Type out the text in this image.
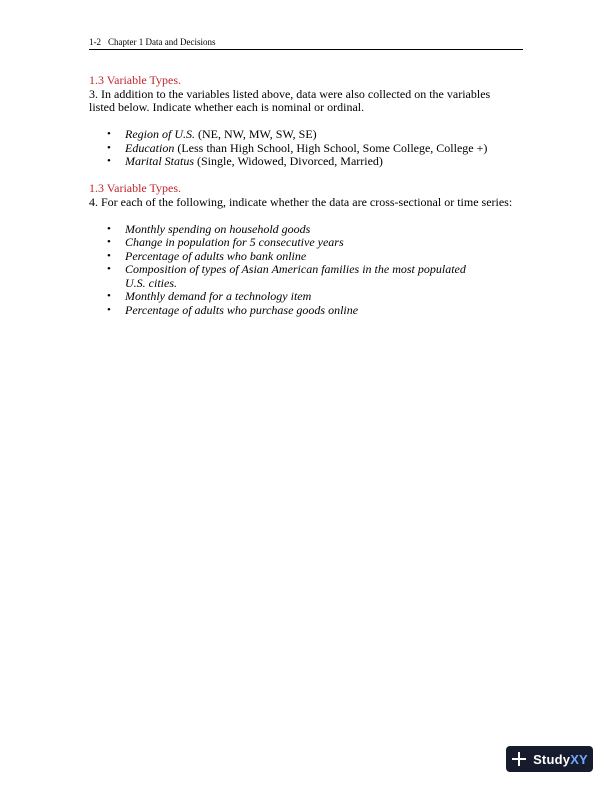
1-2 Chapter 1 Data and Decisions

1.3 Variable Types.

3. In addition to the variables listed above, data were also collected on the variables

listed below. Indicate whether each is nominal or ordinal.

• Region of U.S. (NE, NW, MW, SW, SE)
• Education (Less than High School, High School, Some College, College +)
• Marital Status (Single, Widowed, Divorced, Married)

1.3 Variable Types.

4. For each of the following, indicate whether the data are cross-sectional or time series:

• Monthly spending on household goods
• Change in population for 5 consecutive years
• Percentage of adults who bank online
• Composition of types of Asian American families in the most populated U.S. cities.
• Monthly demand for a technology item
• Percentage of adults who purchase goods online
StudyXY
